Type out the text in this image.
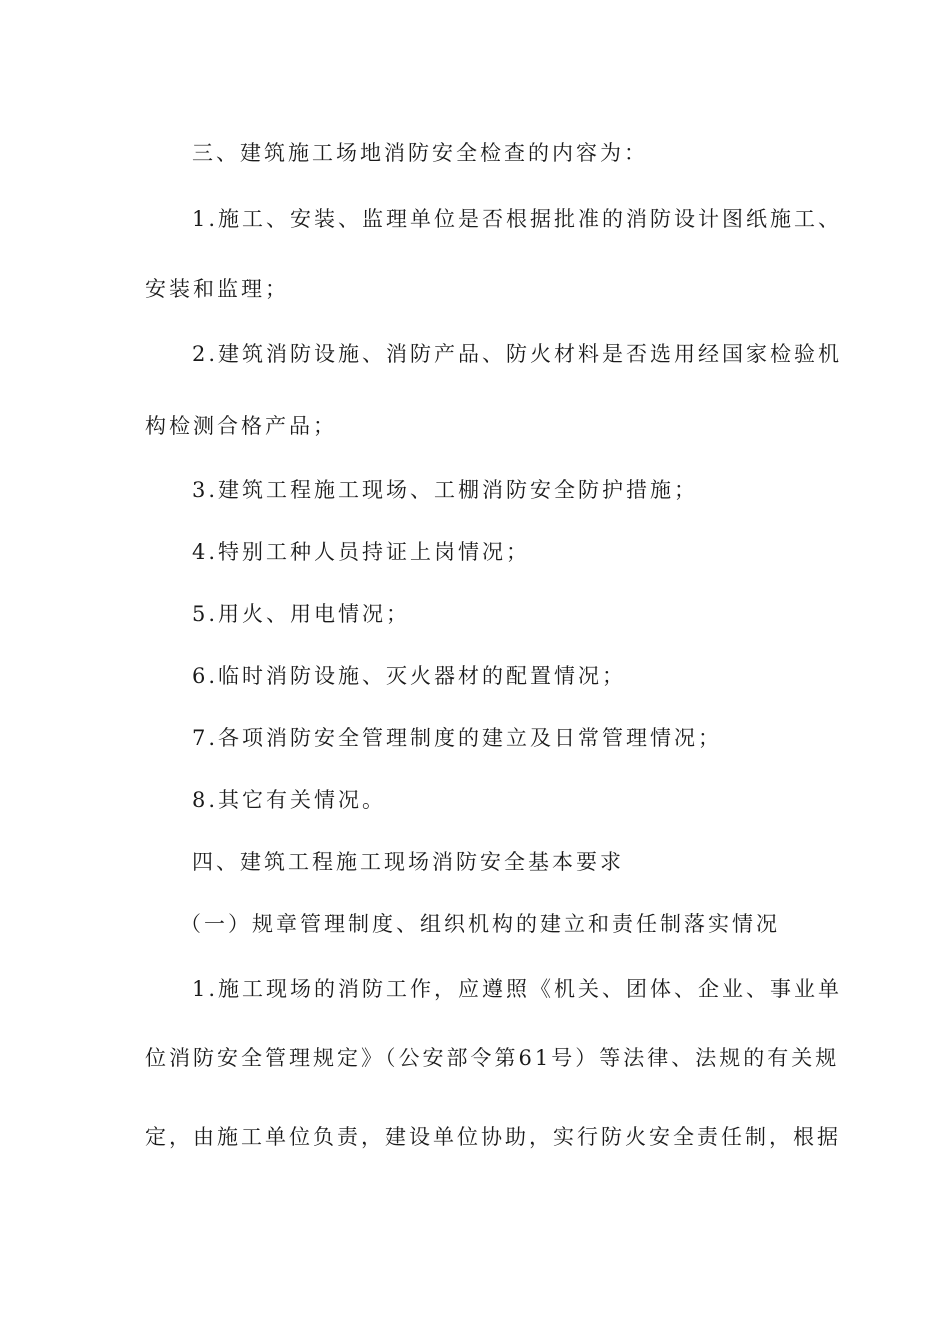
三、建筑施工场地消防安全检查的内容为：
1.施工、安装、监理单位是否根据批准的消防设计图纸施工、
安装和监理；
2.建筑消防设施、消防产品、防火材料是否选用经国家检验机
构检测合格产品；
3.建筑工程施工现场、工棚消防安全防护措施；
4.特别工种人员持证上岗情况；
5.用火、用电情况；
6.临时消防设施、灭火器材的配置情况；
7.各项消防安全管理制度的建立及日常管理情况；
8.其它有关情况。
四、建筑工程施工现场消防安全基本要求
（一）规章管理制度、组织机构的建立和责任制落实情况
1.施工现场的消防工作，应遵照《机关、团体、企业、事业单
位消防安全管理规定》（公安部令第61号）等法律、法规的有关规
定，由施工单位负责，建设单位协助，实行防火安全责任制，根据
